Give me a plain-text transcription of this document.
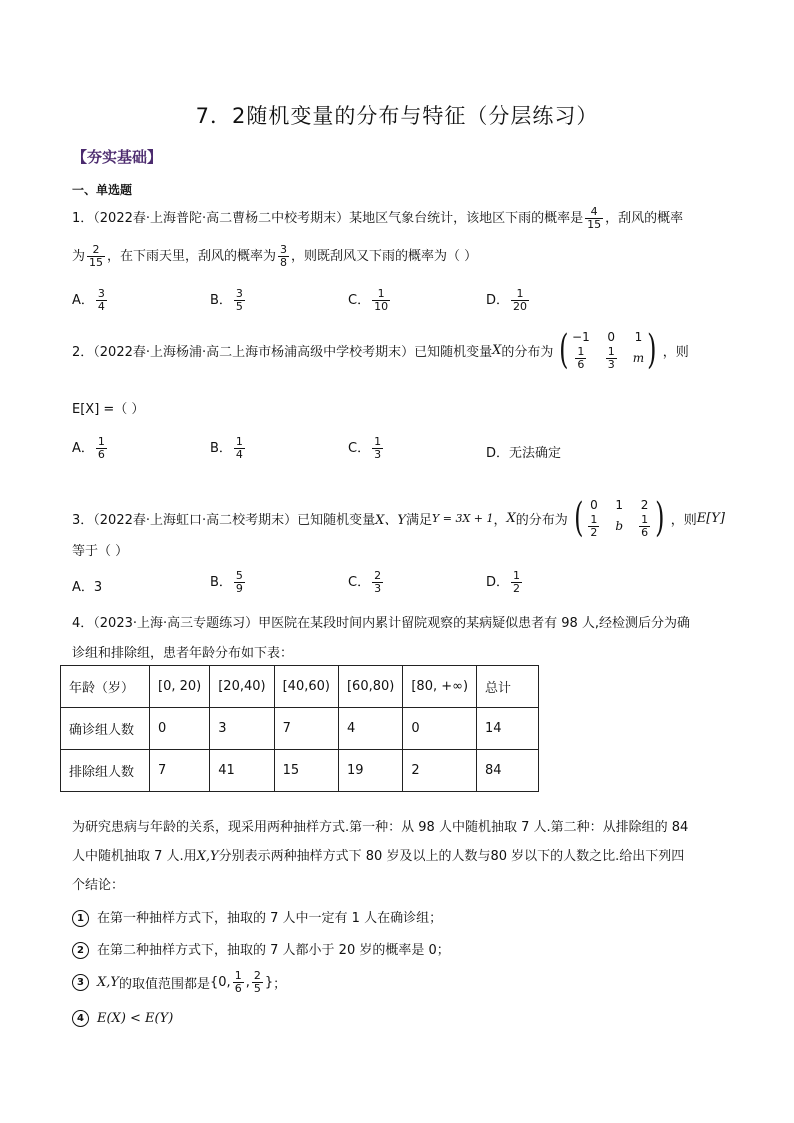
7．2随机变量的分布与特征（分层练习）
【夯实基础】
一、单选题
1．（2022春·上海普陀·高二曹杨二中校考期末）某地区气象台统计，该地区下雨的概率是 $\frac{4}{15}$ ，刮风的概率
为 $\frac{2}{15}$ ，在下雨天里，刮风的概率为 $\frac{3}{8}$ ，则既刮风又下雨的概率为（ ）
A． $\frac{3}{4}$	B． $\frac{3}{5}$	C． $\frac{1}{10}$	D． $\frac{1}{20}$
2．（2022春·上海杨浦·高二上海市杨浦高级中学校考期末）已知随机变量 X 的分布为 ( −1	0	1
$\frac{1}{6} \frac{1}{3}$ m ) ，则
E[X] =（ ）
A． $\frac{1}{6}$	B． $\frac{1}{4}$	C． $\frac{1}{3}$	D．无法确定
3．（2022春·上海虹口·高二校考期末）已知随机变量 X、Y 满足 Y = 3X + 1 ， X 的分布为 ( 0	1	2
$\frac{1}{2}$ b $\frac{1}{6}$ ) ，则 E[Y]
等于（ ）
A．3	B． $\frac{5}{9}$	C． $\frac{2}{3}$	D． $\frac{1}{2}$
4．（2023·上海·高三专题练习）甲医院在某段时间内累计留院观察的某病疑似患者有 98 人,经检测后分为确
诊组和排除组，患者年龄分布如下表：
年龄（岁）	[0, 20)	[20,40)	[40,60)	[60,80)	[80, +∞)	总计
确诊组人数	0	3	7	4	0	14
排除组人数	7	41	15	19	2	84
为研究患病与年龄的关系，现采用两种抽样方式.第一种：从 98 人中随机抽取 7 人.第二种：从排除组的 84
人中随机抽取 7 人.用X,Y分别表示两种抽样方式下 80 岁及以上的人数与80 岁以下的人数之比.给出下列四
个结论：
1 在第一种抽样方式下，抽取的 7 人中一定有 1 人在确诊组；
2 在第二种抽样方式下，抽取的 7 人都小于 20 岁的概率是 0；
3	X,Y 的取值范围都是 {0, $\frac{1}{6}$ , $\frac{2}{5}$ } ；
4 E(X) < E(Y)
